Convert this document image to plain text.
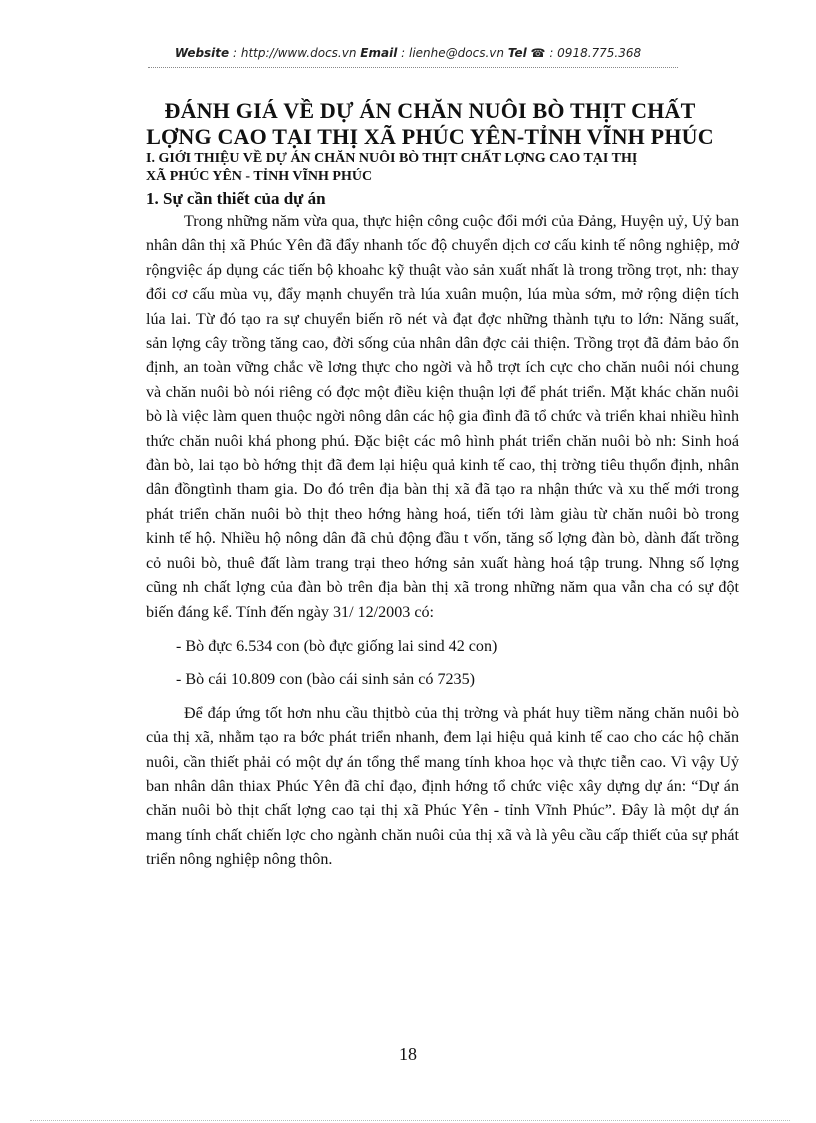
Website : http://www.docs.vn Email : lienhe@docs.vn Tel ☎ : 0918.775.368
ĐÁNH GIÁ VỀ DỰ ÁN CHĂN NUÔI BÒ THỊT CHẤT
LỢNG CAO TẠI THỊ XÃ PHÚC YÊN-TỈNH VĨNH PHÚC
I. GIỚI THIỆU VỀ DỰ ÁN CHĂN NUÔI BÒ THỊT CHẤT LỢNG CAO TẠI THỊ
XÃ PHÚC YÊN - TỈNH VĨNH PHÚC
1. Sự cần thiết của dự án

Trong những năm vừa qua, thực hiện công cuộc đổi mới của Đảng, Huyện uỷ, Uỷ ban nhân dân thị xã Phúc Yên đã đẩy nhanh tốc độ chuyển dịch cơ cấu kinh tế nông nghiệp, mở rộngviệc áp dụng các tiến bộ khoahc kỹ thuật vào sản xuất nhất là trong trồng trọt, nh: thay đổi cơ cấu mùa vụ, đẩy mạnh chuyển trà lúa xuân muộn, lúa mùa sớm, mở rộng diện tích lúa lai. Từ đó tạo ra sự chuyển biến rõ nét và đạt đợc những thành tựu to lớn: Năng suất, sản lợng cây trồng tăng cao, đời sống của nhân dân đợc cải thiện. Trồng trọt đã đảm bảo ổn định, an toàn vững chắc về lơng thực cho ngời và hỗ trợt ích cực cho chăn nuôi nói chung và chăn nuôi bò nói riêng có đợc một điều kiện thuận lợi để phát triển. Mặt khác chăn nuôi bò là việc làm quen thuộc ngời nông dân các hộ gia đình đã tổ chức và triển khai nhiều hình thức chăn nuôi khá phong phú. Đặc biệt các mô hình phát triển chăn nuôi bò nh: Sinh hoá đàn bò, lai tạo bò hớng thịt đã đem lại hiệu quả kinh tế cao, thị trờng tiêu thụổn định, nhân dân đồngtình tham gia. Do đó trên địa bàn thị xã đã tạo ra nhận thức và xu thế mới trong phát triển chăn nuôi bò thịt theo hớng hàng hoá, tiến tới làm giàu từ chăn nuôi bò trong kinh tế hộ. Nhiều hộ nông dân đã chủ động đầu t vốn, tăng số lợng đàn bò, dành đất trồng cỏ nuôi bò, thuê đất làm trang trại theo hớng sản xuất hàng hoá tập trung. Nhng số lợng cũng nh chất lợng của đàn bò trên địa bàn thị xã trong những năm qua vẫn cha có sự đột biến đáng kể. Tính đến ngày 31/ 12/2003 có:

- Bò đực 6.534 con (bò đực giống lai sind 42 con)

- Bò cái 10.809 con (bào cái sinh sản có 7235)

Để đáp ứng tốt hơn nhu cầu thịtbò của thị trờng và phát huy tiềm năng chăn nuôi bò của thị xã, nhằm tạo ra bớc phát triển nhanh, đem lại hiệu quả kinh tế cao cho các hộ chăn nuôi, cần thiết phải có một dự án tổng thể mang tính khoa học và thực tiễn cao. Vì vậy Uỷ ban nhân dân thiax Phúc Yên đã chỉ đạo, định hớng tổ chức việc xây dựng dự án: “Dự án chăn nuôi bò thịt chất lợng cao tại thị xã Phúc Yên - tỉnh Vĩnh Phúc”. Đây là một dự án mang tính chất chiến lợc cho ngành chăn nuôi của thị xã và là yêu cầu cấp thiết của sự phát triển nông nghiệp nông thôn.

18
